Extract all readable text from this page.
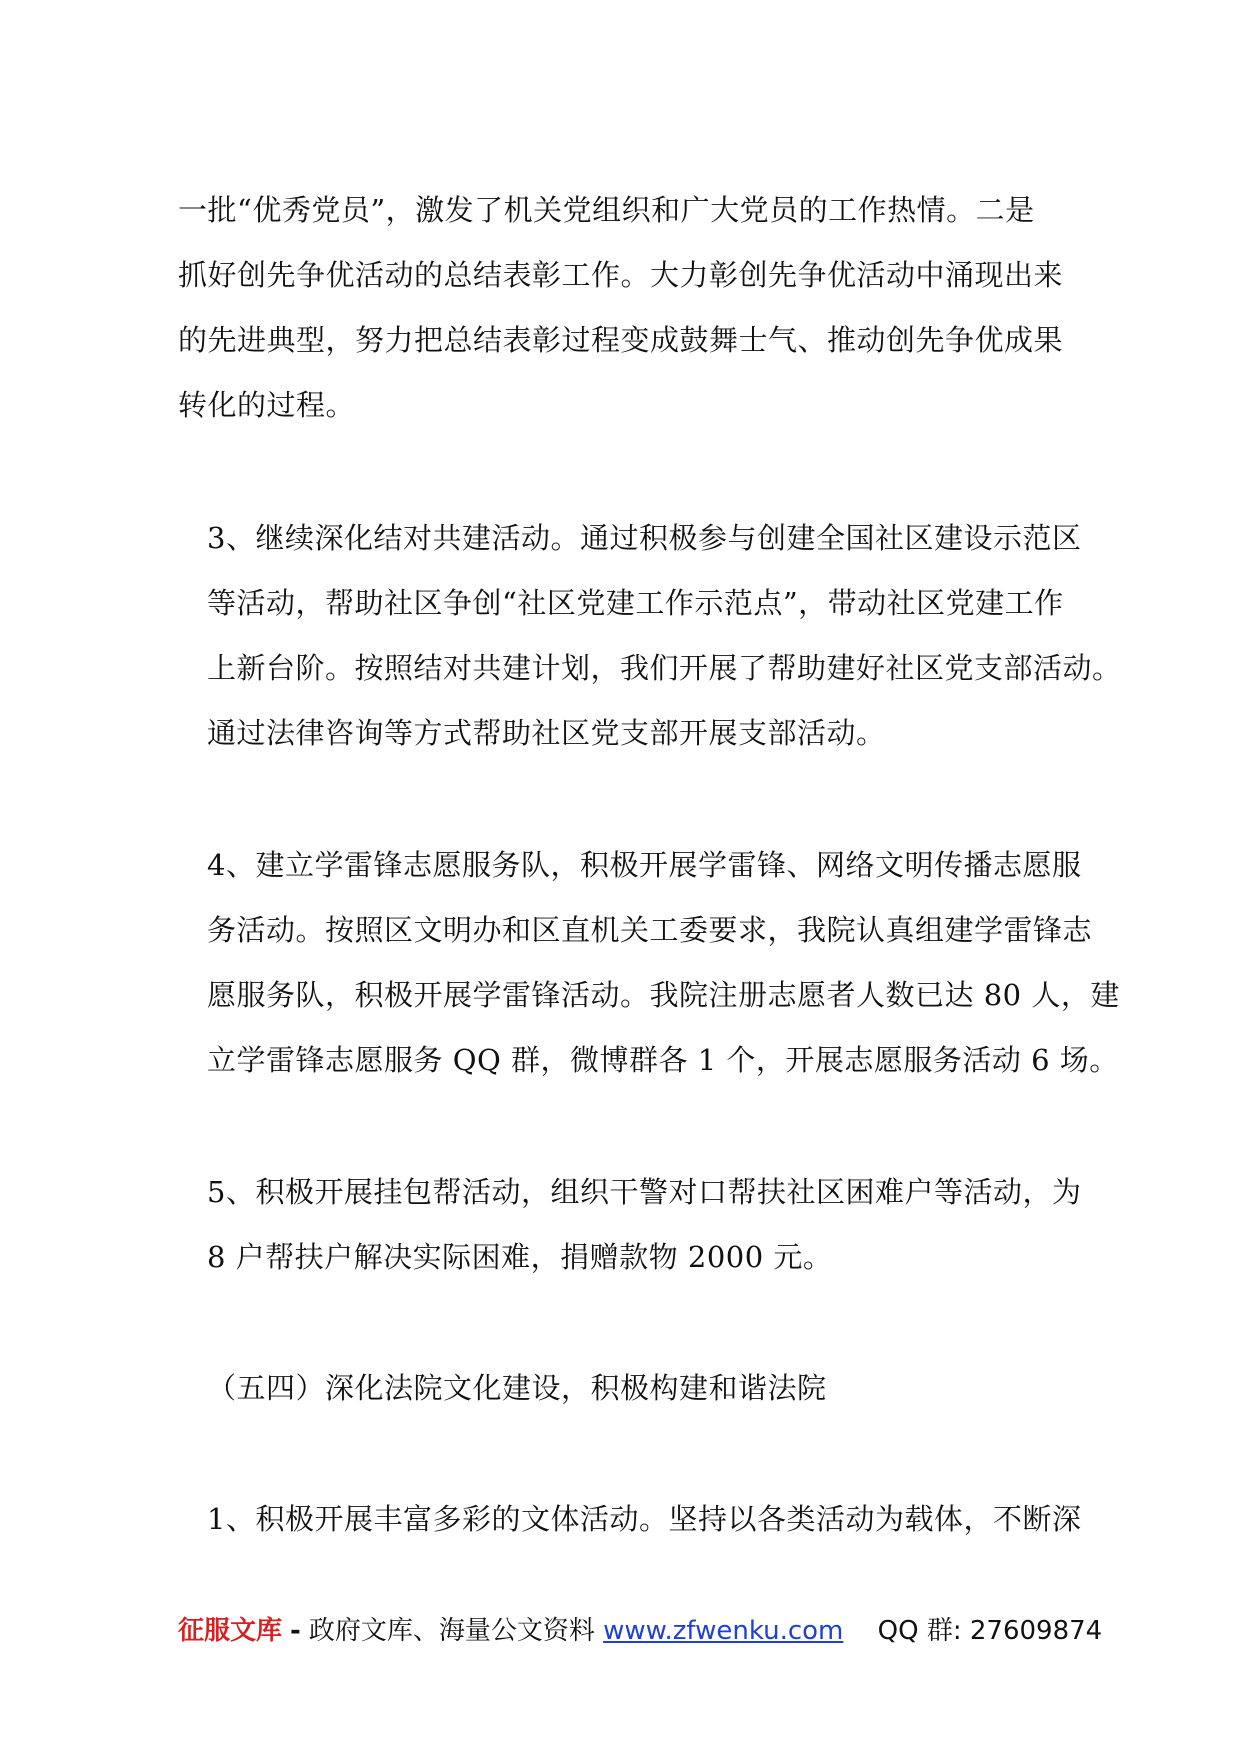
一批“优秀党员”，激发了机关党组织和广大党员的工作热情。二是
抓好创先争优活动的总结表彰工作。大力彰创先争优活动中涌现出来
的先进典型，努力把总结表彰过程变成鼓舞士气、推动创先争优成果
转化的过程。

3、继续深化结对共建活动。通过积极参与创建全国社区建设示范区
等活动，帮助社区争创“社区党建工作示范点”，带动社区党建工作
上新台阶。按照结对共建计划，我们开展了帮助建好社区党支部活动。
通过法律咨询等方式帮助社区党支部开展支部活动。

4、建立学雷锋志愿服务队，积极开展学雷锋、网络文明传播志愿服
务活动。按照区文明办和区直机关工委要求，我院认真组建学雷锋志
愿服务队，积极开展学雷锋活动。我院注册志愿者人数已达 80 人，建
立学雷锋志愿服务 QQ 群，微博群各 1 个，开展志愿服务活动 6 场。

5、积极开展挂包帮活动，组织干警对口帮扶社区困难户等活动，为
8 户帮扶户解决实际困难，捐赠款物 2000 元。

（五四）深化法院文化建设，积极构建和谐法院

1、积极开展丰富多彩的文体活动。坚持以各类活动为载体，不断深

征服文库 - 政府文库、海量公文资料 www.zfwenku.com QQ 群: 27609874
